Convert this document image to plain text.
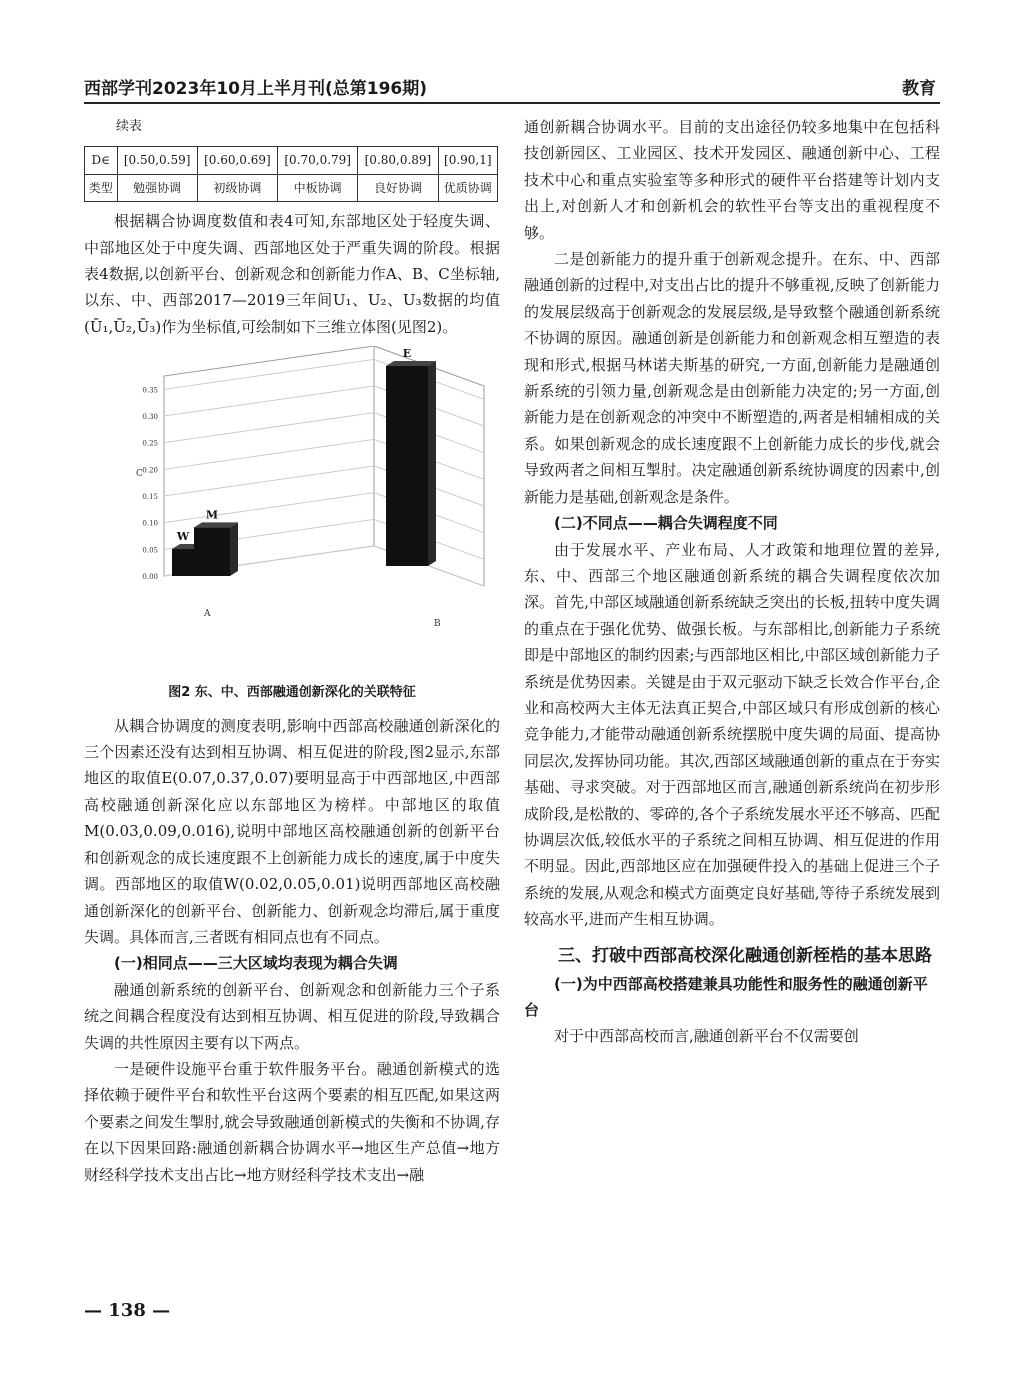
西部学刊2023年10月上半月刊(总第196期)	教育
续表
D∈	[0.50,0.59]	[0.60,0.69]	[0.70,0.79]	[0.80,0.89]	[0.90,1]
类型	勉强协调	初级协调	中板协调	良好协调	优质协调

根据耦合协调度数值和表4可知,东部地区处于轻度失调、中部地区处于中度失调、西部地区处于严重失调的阶段。根据表4数据,以创新平台、创新观念和创新能力作A、B、C坐标轴,以东、中、西部2017—2019三年间U₁、U₂、U₃数据的均值(Ū₁,Ū₂,Ū₃)作为坐标值,可绘制如下三维立体图(见图2)。

0.00
0.05
0.10
0.15
0.20
0.25
0.30
0.35
C
A
B
W
M
E
图2 东、中、西部融通创新深化的关联特征

从耦合协调度的测度表明,影响中西部高校融通创新深化的三个因素还没有达到相互协调、相互促进的阶段,图2显示,东部地区的取值E(0.07,0.37,0.07)要明显高于中西部地区,中西部高校融通创新深化应以东部地区为榜样。中部地区的取值M(0.03,0.09,0.016),说明中部地区高校融通创新的创新平台和创新观念的成长速度跟不上创新能力成长的速度,属于中度失调。西部地区的取值W(0.02,0.05,0.01)说明西部地区高校融通创新深化的创新平台、创新能力、创新观念均滞后,属于重度失调。具体而言,三者既有相同点也有不同点。

(一)相同点——三大区域均表现为耦合失调

融通创新系统的创新平台、创新观念和创新能力三个子系统之间耦合程度没有达到相互协调、相互促进的阶段,导致耦合失调的共性原因主要有以下两点。

一是硬件设施平台重于软件服务平台。融通创新模式的选择依赖于硬件平台和软性平台这两个要素的相互匹配,如果这两个要素之间发生掣肘,就会导致融通创新模式的失衡和不协调,存在以下因果回路:融通创新耦合协调水平→地区生产总值→地方财经科学技术支出占比→地方财经科学技术支出→融

通创新耦合协调水平。目前的支出途径仍较多地集中在包括科技创新园区、工业园区、技术开发园区、融通创新中心、工程技术中心和重点实验室等多种形式的硬件平台搭建等计划内支出上,对创新人才和创新机会的软性平台等支出的重视程度不够。

二是创新能力的提升重于创新观念提升。在东、中、西部融通创新的过程中,对支出占比的提升不够重视,反映了创新能力的发展层级高于创新观念的发展层级,是导致整个融通创新系统不协调的原因。融通创新是创新能力和创新观念相互塑造的表现和形式,根据马林诺夫斯基的研究,一方面,创新能力是融通创新系统的引领力量,创新观念是由创新能力决定的;另一方面,创新能力是在创新观念的冲突中不断塑造的,两者是相辅相成的关系。如果创新观念的成长速度跟不上创新能力成长的步伐,就会导致两者之间相互掣肘。决定融通创新系统协调度的因素中,创新能力是基础,创新观念是条件。

(二)不同点——耦合失调程度不同

由于发展水平、产业布局、人才政策和地理位置的差异,东、中、西部三个地区融通创新系统的耦合失调程度依次加深。首先,中部区域融通创新系统缺乏突出的长板,扭转中度失调的重点在于强化优势、做强长板。与东部相比,创新能力子系统即是中部地区的制约因素;与西部地区相比,中部区域创新能力子系统是优势因素。关键是由于双元驱动下缺乏长效合作平台,企业和高校两大主体无法真正契合,中部区域只有形成创新的核心竞争能力,才能带动融通创新系统摆脱中度失调的局面、提高协同层次,发挥协同功能。其次,西部区域融通创新的重点在于夯实基础、寻求突破。对于西部地区而言,融通创新系统尚在初步形成阶段,是松散的、零碎的,各个子系统发展水平还不够高、匹配协调层次低,较低水平的子系统之间相互协调、相互促进的作用不明显。因此,西部地区应在加强硬件投入的基础上促进三个子系统的发展,从观念和模式方面奠定良好基础,等待子系统发展到较高水平,进而产生相互协调。

三、打破中西部高校深化融通创新桎梏的基本思路

(一)为中西部高校搭建兼具功能性和服务性的融通创新平台

对于中西部高校而言,融通创新平台不仅需要创

— 138 —
